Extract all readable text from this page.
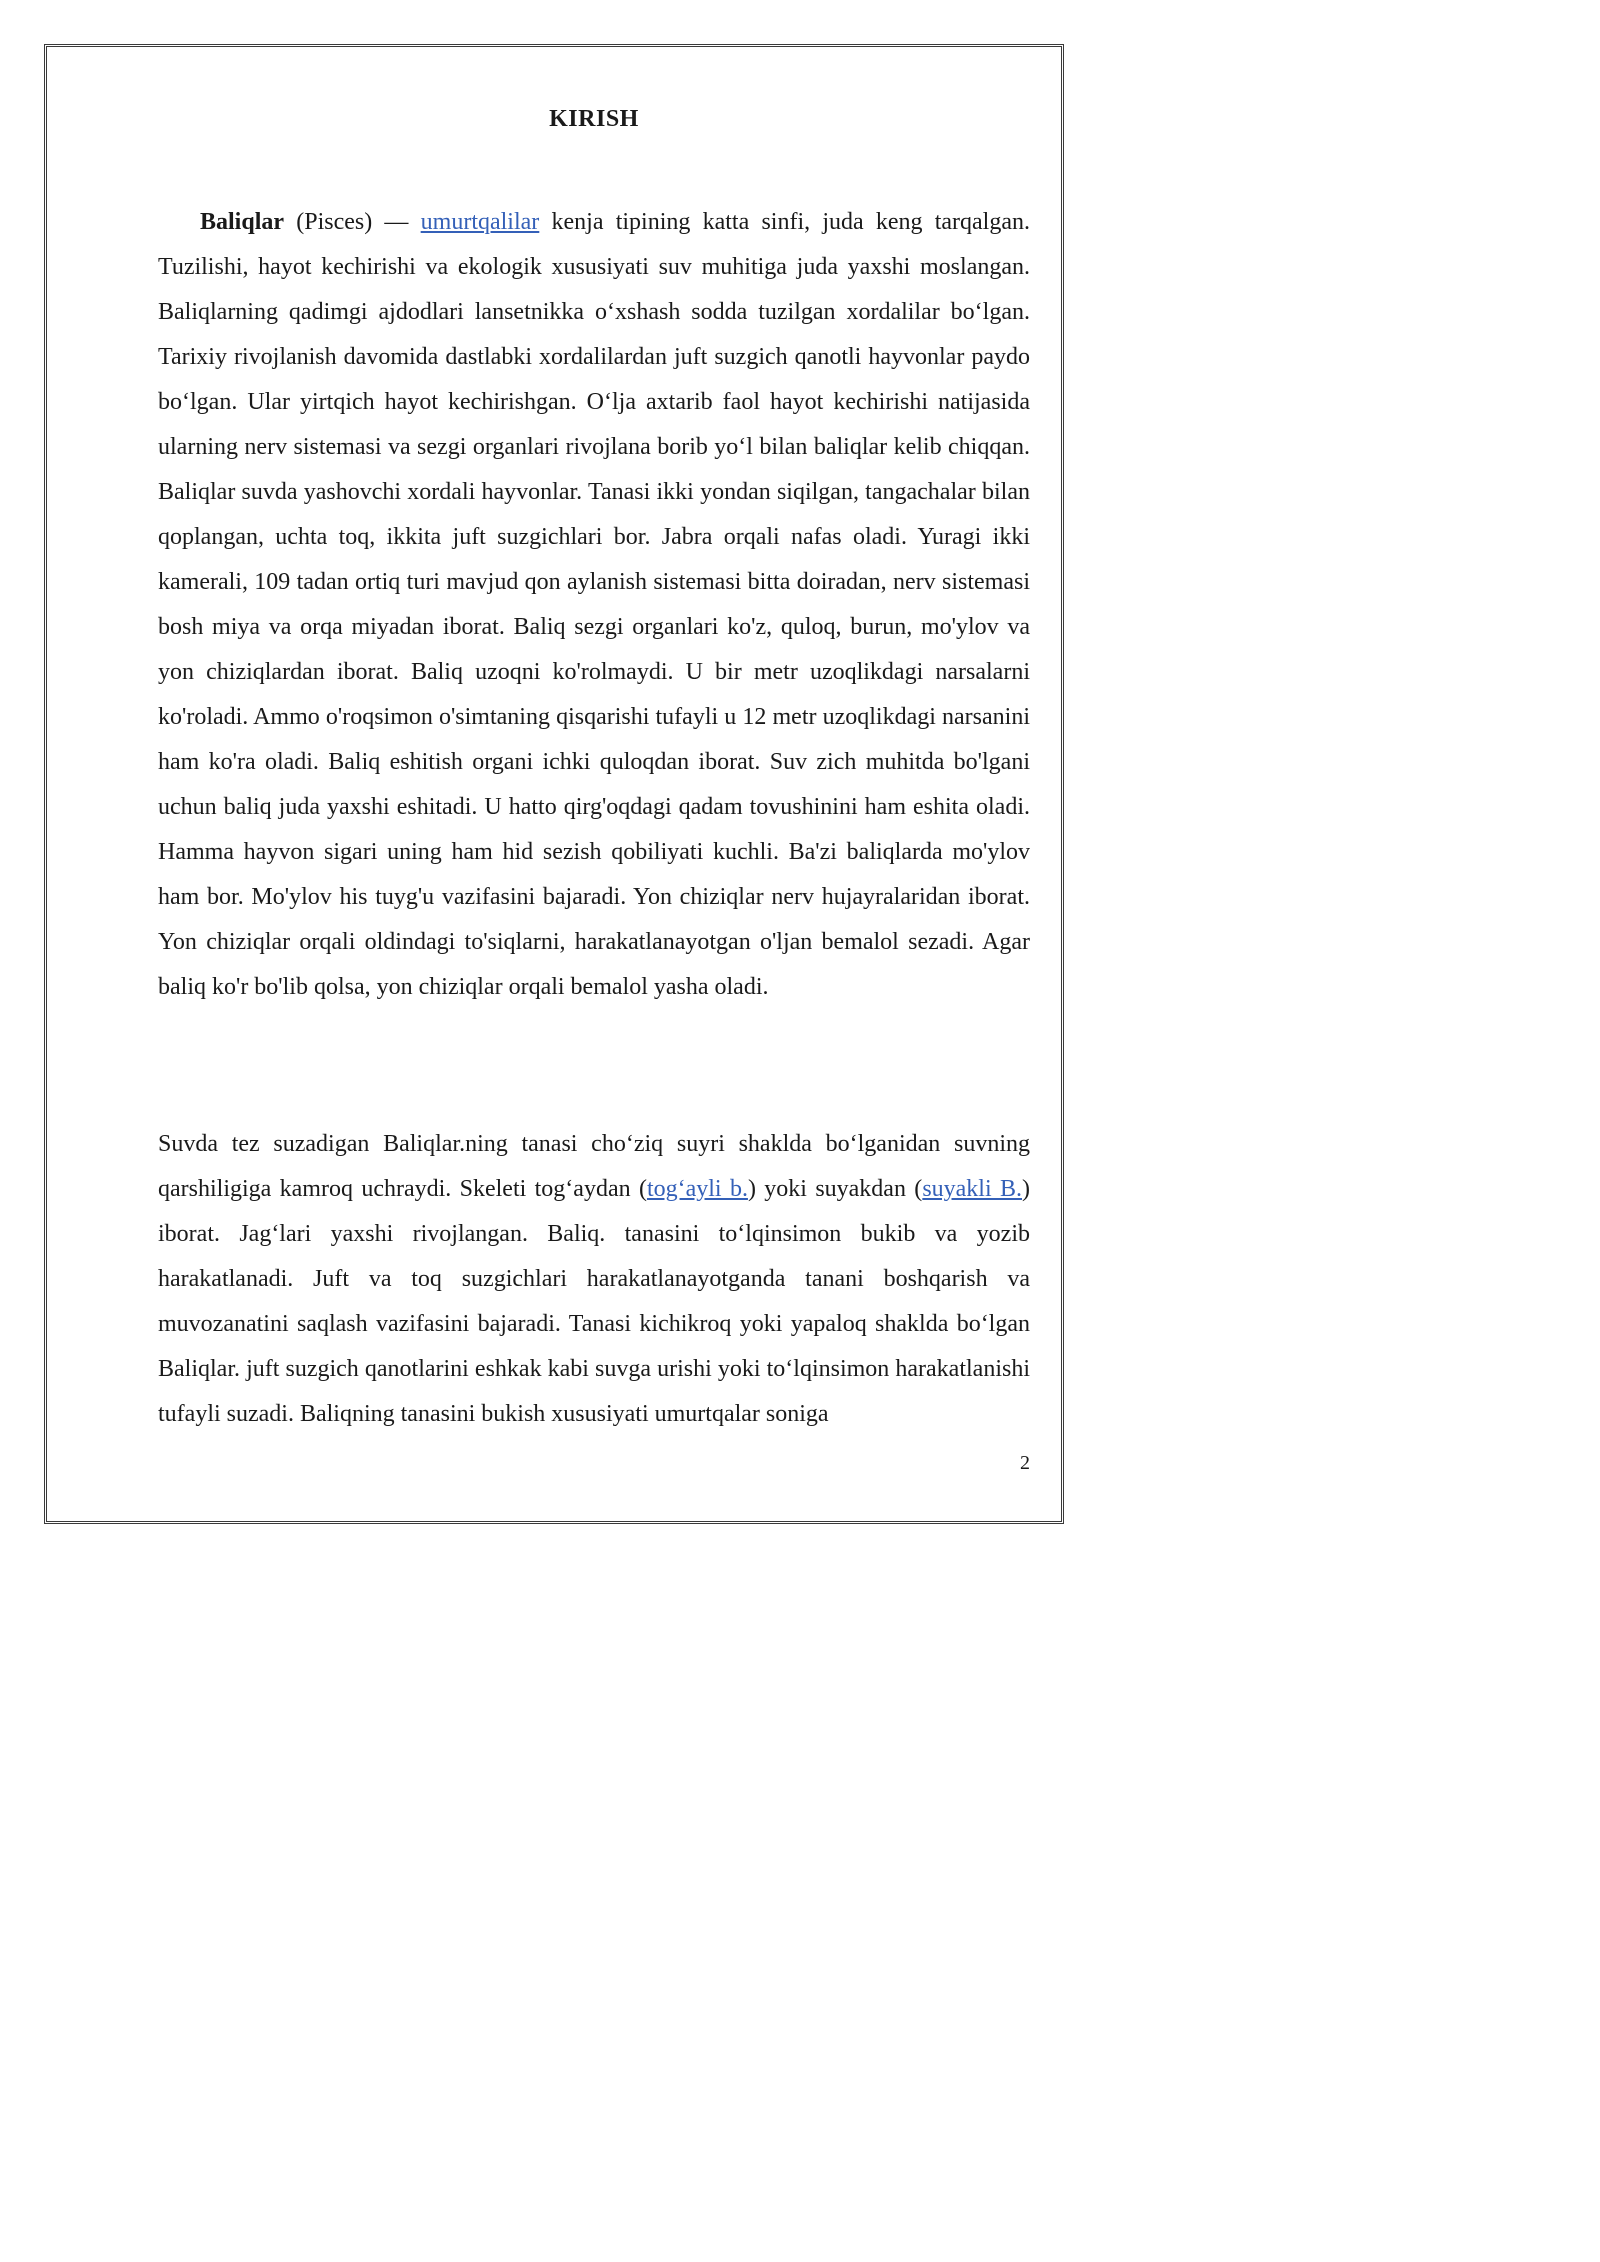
KIRISH

Baliqlar (Pisces) — umurtqalilar kenja tipining katta sinfi, juda keng tarqalgan. Tuzilishi, hayot kechirishi va ekologik xususiyati suv muhitiga juda yaxshi moslangan. Baliqlarning qadimgi ajdodlari lansetnikka o‘xshash sodda tuzilgan xordalilar bo‘lgan. Tarixiy rivojlanish davomida dastlabki xordalilardan juft suzgich qanotli hayvonlar paydo bo‘lgan. Ular yirtqich hayot kechirishgan. O‘lja axtarib faol hayot kechirishi natijasida ularning nerv sistemasi va sezgi organlari rivojlana borib yo‘l bilan baliqlar kelib chiqqan. Baliqlar suvda yashovchi xordali hayvonlar. Tanasi ikki yondan siqilgan, tangachalar bilan qoplangan, uchta toq, ikkita juft suzgichlari bor. Jabra orqali nafas oladi. Yuragi ikki kamerali, 109 tadan ortiq turi mavjud qon aylanish sistemasi bitta doiradan, nerv sistemasi bosh miya va orqa miyadan iborat. Baliq sezgi organlari ko'z, quloq, burun, mo'ylov va yon chiziqlardan iborat. Baliq uzoqni ko'rolmaydi. U bir metr uzoqlikdagi narsalarni ko'roladi. Ammo o'roqsimon o'simtaning qisqarishi tufayli u 12 metr uzoqlikdagi narsanini ham ko'ra oladi. Baliq eshitish organi ichki quloqdan iborat. Suv zich muhitda bo'lgani uchun baliq juda yaxshi eshitadi. U hatto qirg'oqdagi qadam tovushinini ham eshita oladi. Hamma hayvon sigari uning ham hid sezish qobiliyati kuchli. Ba'zi baliqlarda mo'ylov ham bor. Mo'ylov his tuyg'u vazifasini bajaradi. Yon chiziqlar nerv hujayralaridan iborat. Yon chiziqlar orqali oldindagi to'siqlarni, harakatlanayotgan o'ljan bemalol sezadi. Agar baliq ko'r bo'lib qolsa, yon chiziqlar orqali bemalol yasha oladi.

Suvda tez suzadigan Baliqlar.ning tanasi cho‘ziq suyri shaklda bo‘lganidan suvning qarshiligiga kamroq uchraydi. Skeleti tog‘aydan (tog‘ayli b.) yoki suyakdan (suyakli B.) iborat. Jag‘lari yaxshi rivojlangan. Baliq. tanasini to‘lqinsimon bukib va yozib harakatlanadi. Juft va toq suzgichlari harakatlanayotganda tanani boshqarish va muvozanatini saqlash vazifasini bajaradi. Tanasi kichikroq yoki yapaloq shaklda bo‘lgan Baliqlar. juft suzgich qanotlarini eshkak kabi suvga urishi yoki to‘lqinsimon harakatlanishi tufayli suzadi. Baliqning tanasini bukish xususiyati umurtqalar soniga

2
